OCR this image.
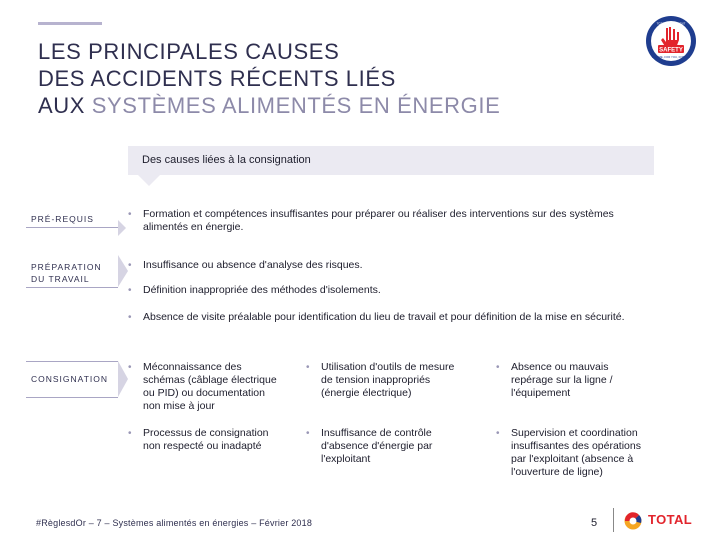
LES PRINCIPALES CAUSES
DES ACCIDENTS RÉCENTS LIÉS
AUX SYSTÈMES ALIMENTÉS EN ÉNERGIE
SAFETY
FOR ME, FOR YOU, FOR ALL
TOTAL COMMITMENT
Des causes liées à la consignation
PRÉ-REQUIS
PRÉPARATION
DU TRAVAIL
CONSIGNATION
•	Formation et compétences insuffisantes pour préparer ou réaliser des interventions sur des systèmes
alimentés en énergie.
•	Insuffisance ou absence d'analyse des risques.
•	Définition inappropriée des méthodes d'isolements.
•	Absence de visite préalable pour identification du lieu de travail et pour définition de la mise en sécurité.
•	Méconnaissance des
schémas (câblage électrique
ou PID) ou documentation
non mise à jour
•	Processus de consignation
non respecté ou inadapté
•	Utilisation d'outils de mesure
de tension inappropriés
(énergie électrique)
•	Insuffisance de contrôle
d'absence d'énergie par
l'exploitant
•	Absence ou mauvais
repérage sur la ligne /
l'équipement
•	Supervision et coordination
insuffisantes des opérations
par l'exploitant (absence à
l'ouverture de ligne)
#RèglesdOr – 7 – Systèmes alimentés en énergies – Février 2018	5	TOTAL
